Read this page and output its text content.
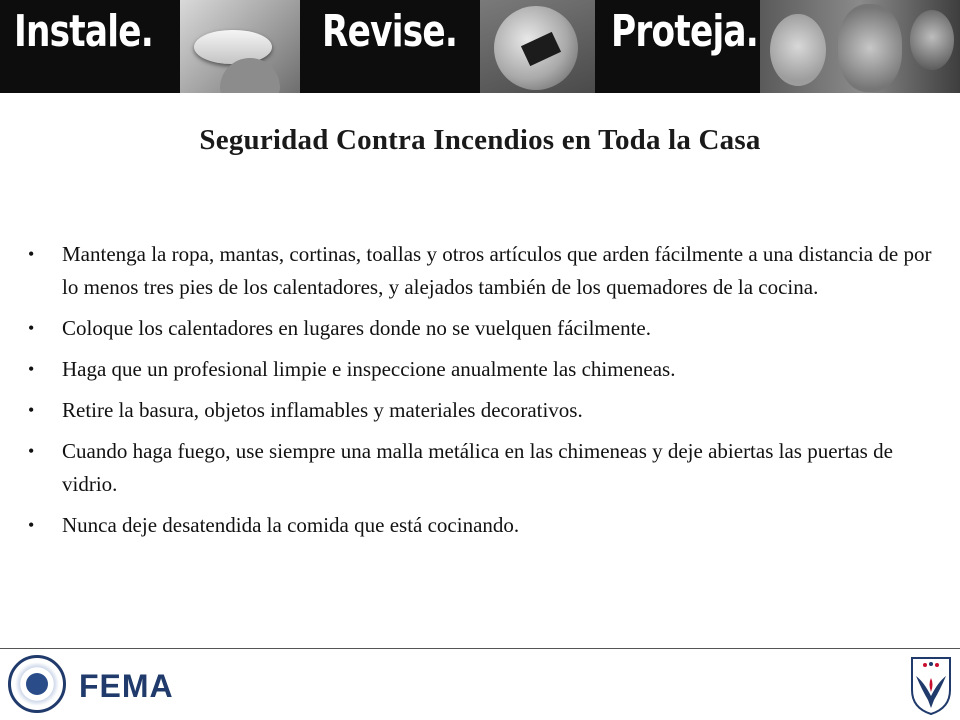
Instale.	Revise.	Proteja.
Seguridad Contra Incendios en Toda la Casa
• Mantenga la ropa, mantas, cortinas, toallas y otros artículos que arden fácilmente a una distancia de por lo menos tres pies de los calentadores, y alejados también de los quemadores de la cocina.
• Coloque los calentadores en lugares donde no se vuelquen fácilmente.
• Haga que un profesional limpie e inspeccione anualmente las chimeneas.
• Retire la basura, objetos inflamables y materiales decorativos.
• Cuando haga fuego, use siempre una malla metálica en las chimeneas y deje abiertas las puertas de vidrio.
• Nunca deje desatendida la comida que está cocinando.
FEMA
